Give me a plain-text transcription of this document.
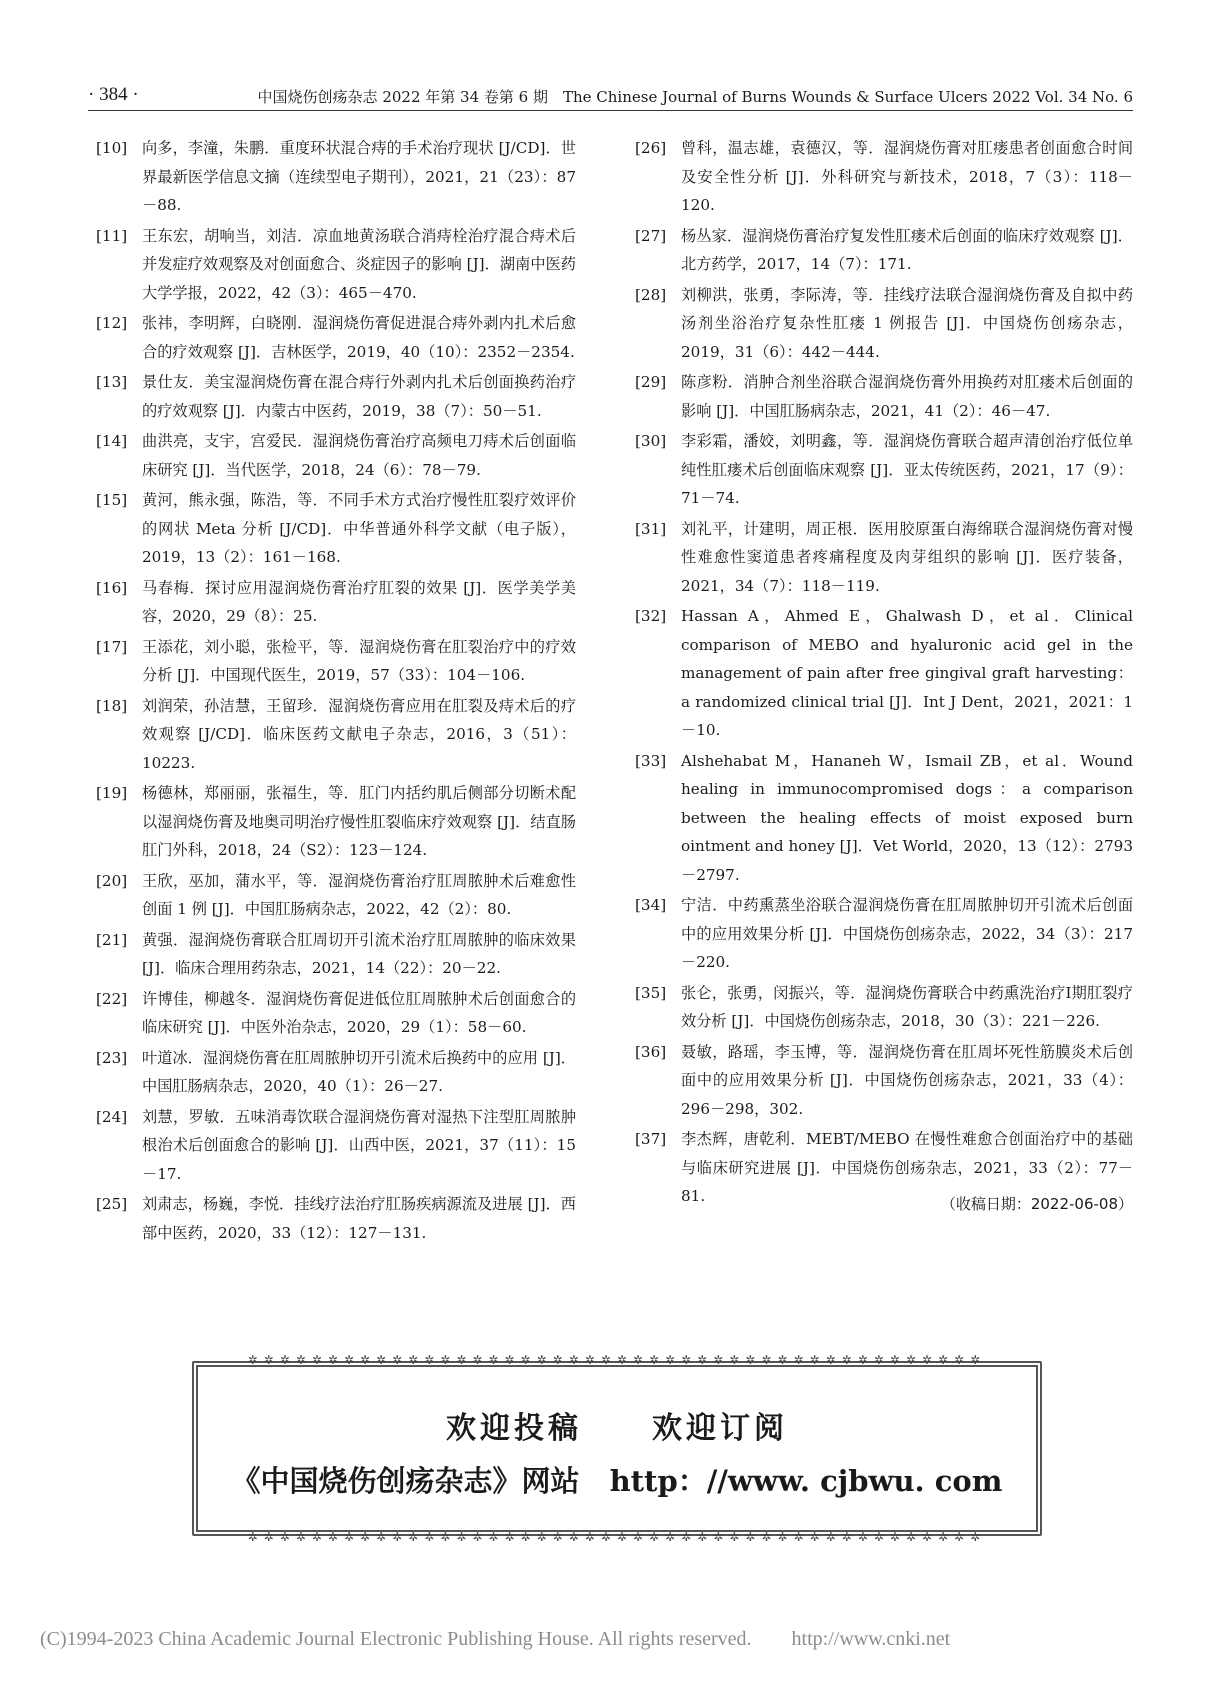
· 384 ·	中国烧伤创疡杂志 2022 年第 34 卷第 6 期　The Chinese Journal of Burns Wounds & Surface Ulcers 2022 Vol. 34 No. 6
[10] 向多，李潼，朱鹏．重度环状混合痔的手术治疗现状 [J/CD]．世界最新医学信息文摘（连续型电子期刊），2021，21（23）：87－88.
[11] 王东宏，胡响当，刘洁．凉血地黄汤联合消痔栓治疗混合痔术后并发症疗效观察及对创面愈合、炎症因子的影响 [J]．湖南中医药大学学报，2022，42（3）：465－470.
[12] 张祎，李明辉，白晓刚．湿润烧伤膏促进混合痔外剥内扎术后愈合的疗效观察 [J]．吉林医学，2019，40（10）：2352－2354.
[13] 景仕友．美宝湿润烧伤膏在混合痔行外剥内扎术后创面换药治疗的疗效观察 [J]．内蒙古中医药，2019，38（7）：50－51.
[14] 曲洪亮，支宇，宫爱民．湿润烧伤膏治疗高频电刀痔术后创面临床研究 [J]．当代医学，2018，24（6）：78－79.
[15] 黄河，熊永强，陈浩，等．不同手术方式治疗慢性肛裂疗效评价的网状 Meta 分析 [J/CD]．中华普通外科学文献（电子版），2019，13（2）：161－168.
[16] 马春梅．探讨应用湿润烧伤膏治疗肛裂的效果 [J]．医学美学美容，2020，29（8）：25.
[17] 王添花，刘小聪，张检平，等．湿润烧伤膏在肛裂治疗中的疗效分析 [J]．中国现代医生，2019，57（33）：104－106.
[18] 刘润荣，孙洁慧，王留珍．湿润烧伤膏应用在肛裂及痔术后的疗效观察 [J/CD]．临床医药文献电子杂志，2016，3（51）：10223.
[19] 杨德林，郑丽丽，张福生，等．肛门内括约肌后侧部分切断术配以湿润烧伤膏及地奥司明治疗慢性肛裂临床疗效观察 [J]．结直肠肛门外科，2018，24（S2）：123－124.
[20] 王欣，巫加，蒲水平，等．湿润烧伤膏治疗肛周脓肿术后难愈性创面 1 例 [J]．中国肛肠病杂志，2022，42（2）：80.
[21] 黄强．湿润烧伤膏联合肛周切开引流术治疗肛周脓肿的临床效果 [J]．临床合理用药杂志，2021，14（22）：20－22.
[22] 许博佳，柳越冬．湿润烧伤膏促进低位肛周脓肿术后创面愈合的临床研究 [J]．中医外治杂志，2020，29（1）：58－60.
[23] 叶道冰．湿润烧伤膏在肛周脓肿切开引流术后换药中的应用 [J]．中国肛肠病杂志，2020，40（1）：26－27.
[24] 刘慧，罗敏．五味消毒饮联合湿润烧伤膏对湿热下注型肛周脓肿根治术后创面愈合的影响 [J]．山西中医，2021，37（11）：15－17.
[25] 刘肃志，杨巍，李悦．挂线疗法治疗肛肠疾病源流及进展 [J]．西部中医药，2020，33（12）：127－131.
[26] 曾科，温志雄，袁德汉，等．湿润烧伤膏对肛瘘患者创面愈合时间及安全性分析 [J]．外科研究与新技术，2018，7（3）：118－120.
[27] 杨丛家．湿润烧伤膏治疗复发性肛瘘术后创面的临床疗效观察 [J]．北方药学，2017，14（7）：171.
[28] 刘柳洪，张勇，李际涛，等．挂线疗法联合湿润烧伤膏及自拟中药汤剂坐浴治疗复杂性肛瘘 1 例报告 [J]．中国烧伤创疡杂志，2019，31（6）：442－444.
[29] 陈彦粉．消肿合剂坐浴联合湿润烧伤膏外用换药对肛瘘术后创面的影响 [J]．中国肛肠病杂志，2021，41（2）：46－47.
[30] 李彩霜，潘姣，刘明鑫，等．湿润烧伤膏联合超声清创治疗低位单纯性肛瘘术后创面临床观察 [J]．亚太传统医药，2021，17（9）：71－74.
[31] 刘礼平，计建明，周正根．医用胶原蛋白海绵联合湿润烧伤膏对慢性难愈性窦道患者疼痛程度及肉芽组织的影响 [J]．医疗装备，2021，34（7）：118－119.
[32] Hassan A，Ahmed E，Ghalwash D，et al．Clinical comparison of MEBO and hyaluronic acid gel in the management of pain after free gingival graft harvesting：a randomized clinical trial [J]．Int J Dent，2021，2021：1－10.
[33] Alshehabat M，Hananeh W，Ismail ZB，et al．Wound healing in immunocompromised dogs：a comparison between the healing effects of moist exposed burn ointment and honey [J]．Vet World，2020，13（12）：2793－2797.
[34] 宁洁．中药熏蒸坐浴联合湿润烧伤膏在肛周脓肿切开引流术后创面中的应用效果分析 [J]．中国烧伤创疡杂志，2022，34（3）：217－220.
[35] 张仑，张勇，闵振兴，等．湿润烧伤膏联合中药熏洗治疗Ⅰ期肛裂疗效分析 [J]．中国烧伤创疡杂志，2018，30（3）：221－226.
[36] 聂敏，路瑶，李玉博，等．湿润烧伤膏在肛周坏死性筋膜炎术后创面中的应用效果分析 [J]．中国烧伤创疡杂志，2021，33（4）：296－298，302.
[37] 李杰辉，唐乾利．MEBT/MEBO 在慢性难愈合创面治疗中的基础与临床研究进展 [J]．中国烧伤创疡杂志，2021，33（2）：77－81.	（收稿日期：2022-06-08）
✲✲✲✲✲✲✲✲✲✲✲✲✲✲✲✲✲✲✲✲✲✲✲✲✲✲✲✲✲✲✲✲✲✲✲✲✲✲✲✲✲✲✲✲✲✲
✲✲✲✲✲✲✲✲✲✲✲✲✲✲✲✲✲✲✲✲✲✲✲✲✲✲✲✲✲✲✲✲✲✲✲✲✲✲✲✲✲✲✲✲✲✲
欢迎投稿 欢迎订阅
《中国烧伤创疡杂志》网站 http：//www. cjbwu. com
(C)1994-2023 China Academic Journal Electronic Publishing House. All rights reserved.　　http://www.cnki.net
